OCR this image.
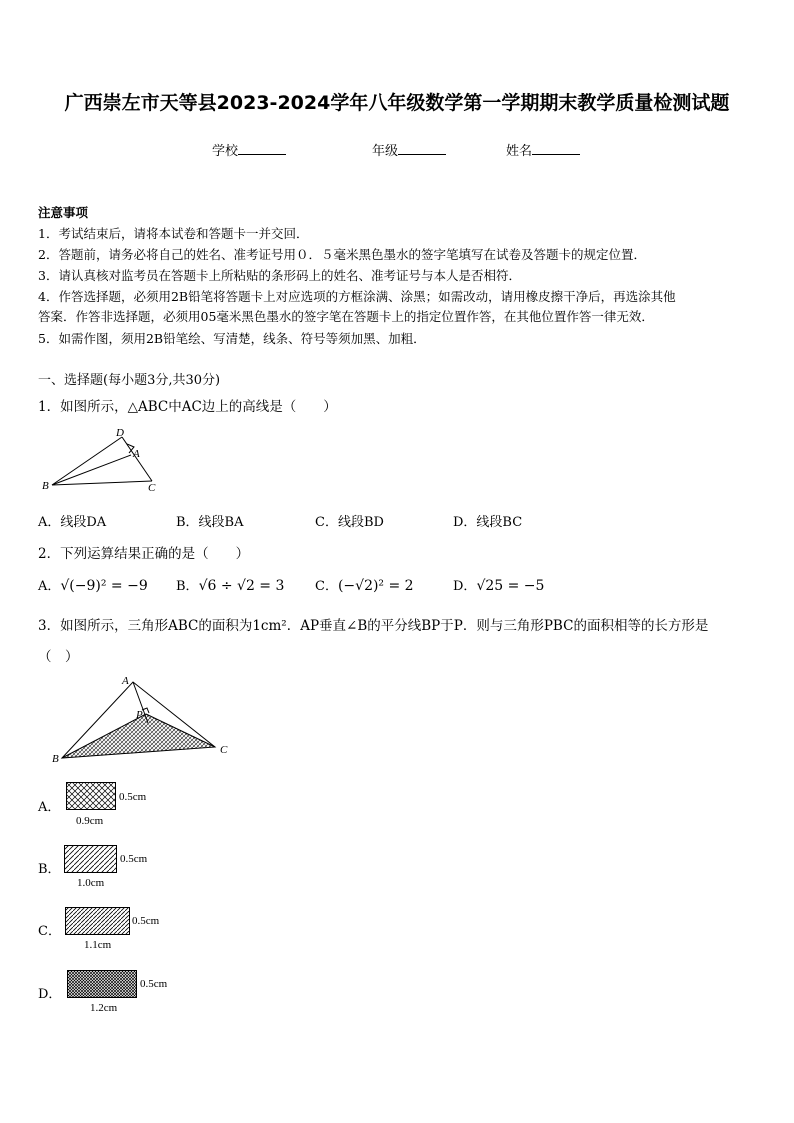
广西崇左市天等县2023-2024学年八年级数学第一学期期末教学质量检测试题
学校	年级	姓名
注意事项
1．考试结束后，请将本试卷和答题卡一并交回．
2．答题前，请务必将自己的姓名、准考证号用０．５毫米黑色墨水的签字笔填写在试卷及答题卡的规定位置．
3．请认真核对监考员在答题卡上所粘贴的条形码上的姓名、准考证号与本人是否相符．
4．作答选择题，必须用2B铅笔将答题卡上对应选项的方框涂满、涂黑；如需改动，请用橡皮擦干净后，再选涂其他
答案．作答非选择题，必须用05毫米黑色墨水的签字笔在答题卡上的指定位置作答，在其他位置作答一律无效．
5．如需作图，须用2B铅笔绘、写清楚，线条、符号等须加黑、加粗．
一、选择题(每小题3分,共30分)
1．如图所示，△ABC中AC边上的高线是（　　）
B	C
A
D
A．线段DA	B．线段BA	C．线段BD	D．线段BC
2．下列运算结果正确的是（　　）
A．√(−9)² = −9 B．√6 ÷ √2 = 3 C．(−√2)² = 2	D．√25 = −5
3．如图所示，三角形ABC的面积为1cm²．AP垂直∠B的平分线BP于P．则与三角形PBC的面积相等的长方形是
（　）
A
B
C
P
A．
0.5cm
0.9cm
B．
0.5cm
1.0cm
C．
0.5cm
1.1cm
D．
0.5cm
1.2cm
